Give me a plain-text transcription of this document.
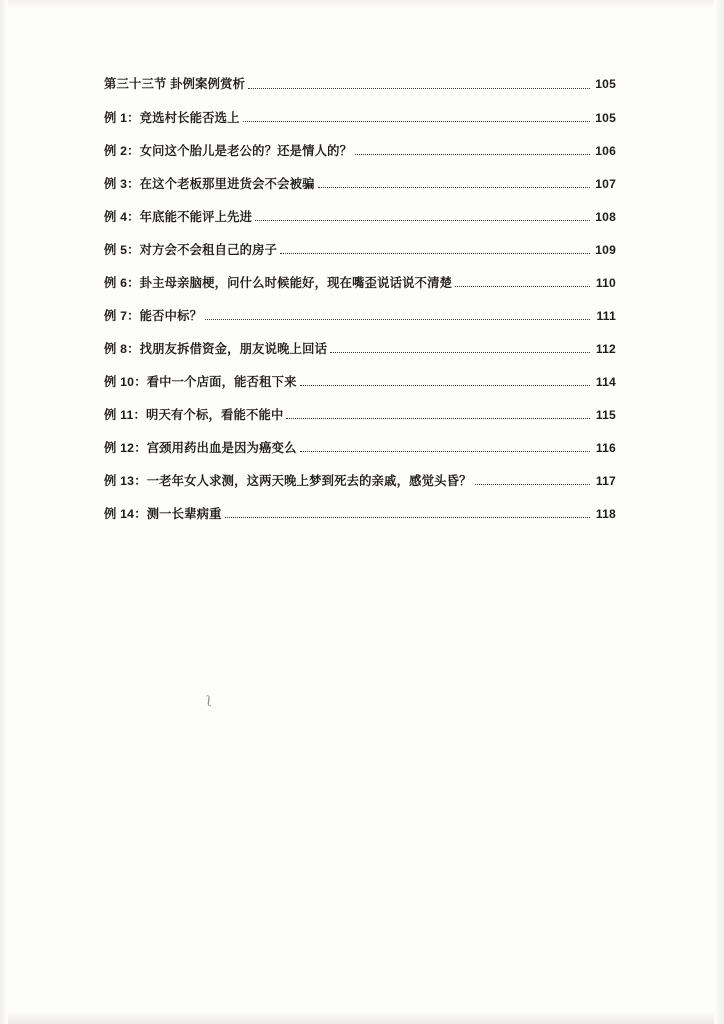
第三十三节 卦例案例赏析	105
例 1：竞选村长能否选上	105
例 2：女问这个胎儿是老公的？还是情人的？	106
例 3：在这个老板那里进货会不会被骗	107
例 4：年底能不能评上先进	108
例 5：对方会不会租自己的房子	109
例 6：卦主母亲脑梗，问什么时候能好，现在嘴歪说话说不清楚	110
例 7：能否中标？	111
例 8：找朋友拆借资金，朋友说晚上回话	112
例 10：看中一个店面，能否租下来	114
例 11：明天有个标，看能不能中	115
例 12：宫颈用药出血是因为癌变么	116
例 13：一老年女人求测，这两天晚上梦到死去的亲戚，感觉头昏？	117
例 14：测一长辈病重	118
ʅ
